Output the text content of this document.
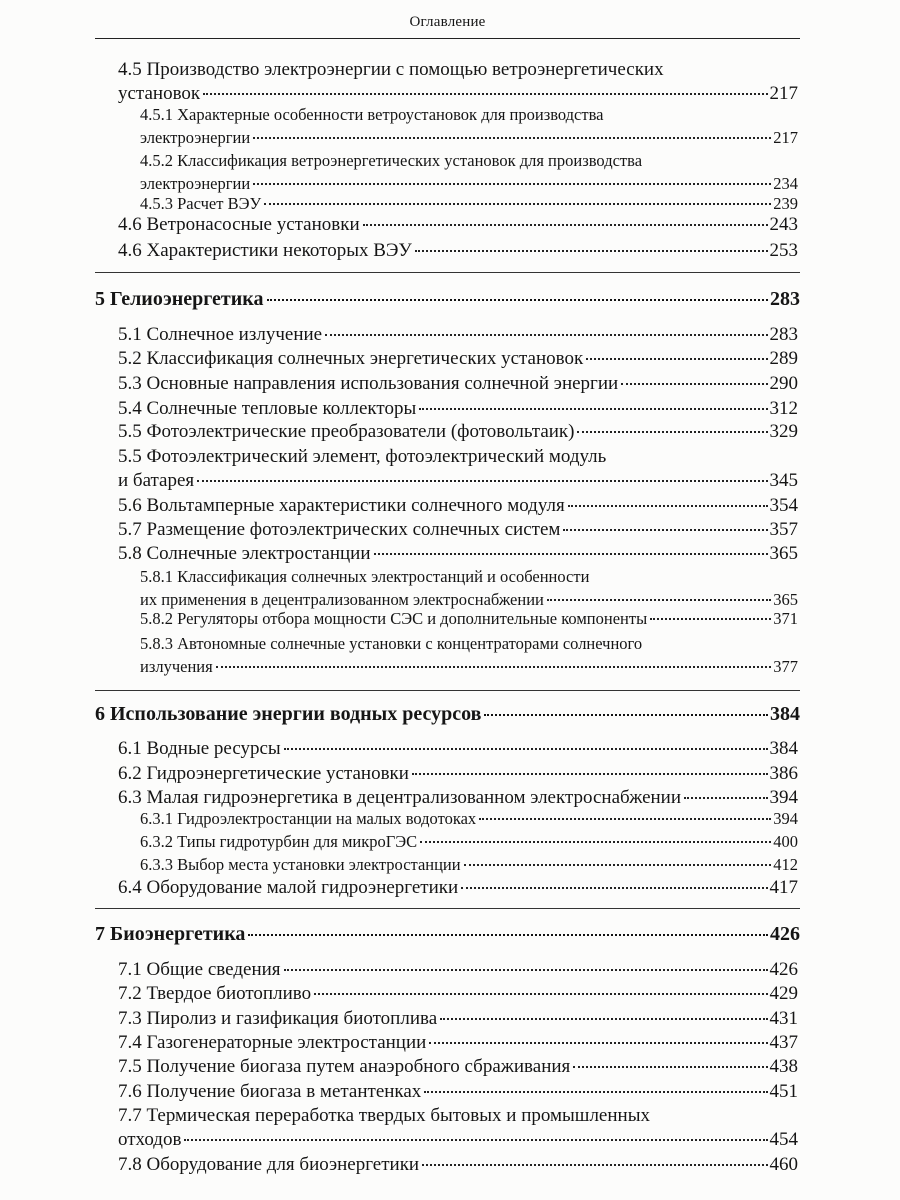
Оглавление
4.5 Производство электроэнергии с помощью ветроэнергетических
установок	217
4.5.1 Характерные особенности ветроустановок для производства
электроэнергии	217
4.5.2 Классификация ветроэнергетических установок для производства
электроэнергии	234
4.5.3 Расчет ВЭУ	239
4.6 Ветронасосные установки	243
4.6 Характеристики некоторых ВЭУ	253
5 Гелиоэнергетика	283
5.1 Солнечное излучение	283
5.2 Классификация солнечных энергетических установок	289
5.3 Основные направления использования солнечной энергии	290
5.4 Солнечные тепловые коллекторы	312
5.5 Фотоэлектрические преобразователи (фотовольтаик)	329
5.5 Фотоэлектрический элемент, фотоэлектрический модуль
и батарея	345
5.6 Вольтамперные характеристики солнечного модуля	354
5.7 Размещение фотоэлектрических солнечных систем	357
5.8 Солнечные электростанции	365
5.8.1 Классификация солнечных электростанций и особенности
их применения в децентрализованном электроснабжении	365
5.8.2 Регуляторы отбора мощности СЭС и дополнительные компоненты	371
5.8.3 Автономные солнечные установки с концентраторами солнечного
излучения	377
6 Использование энергии водных ресурсов	384
6.1 Водные ресурсы	384
6.2 Гидроэнергетические установки	386
6.3 Малая гидроэнергетика в децентрализованном электроснабжении	394
6.3.1 Гидроэлектростанции на малых водотоках	394
6.3.2 Типы гидротурбин для микроГЭС	400
6.3.3 Выбор места установки электростанции	412
6.4 Оборудование малой гидроэнергетики	417
7 Биоэнергетика	426
7.1 Общие сведения	426
7.2 Твердое биотопливо	429
7.3 Пиролиз и газификация биотоплива	431
7.4 Газогенераторные электростанции	437
7.5 Получение биогаза путем анаэробного сбраживания	438
7.6 Получение биогаза в метантенках	451
7.7 Термическая переработка твердых бытовых и промышленных
отходов	454
7.8 Оборудование для биоэнергетики	460
